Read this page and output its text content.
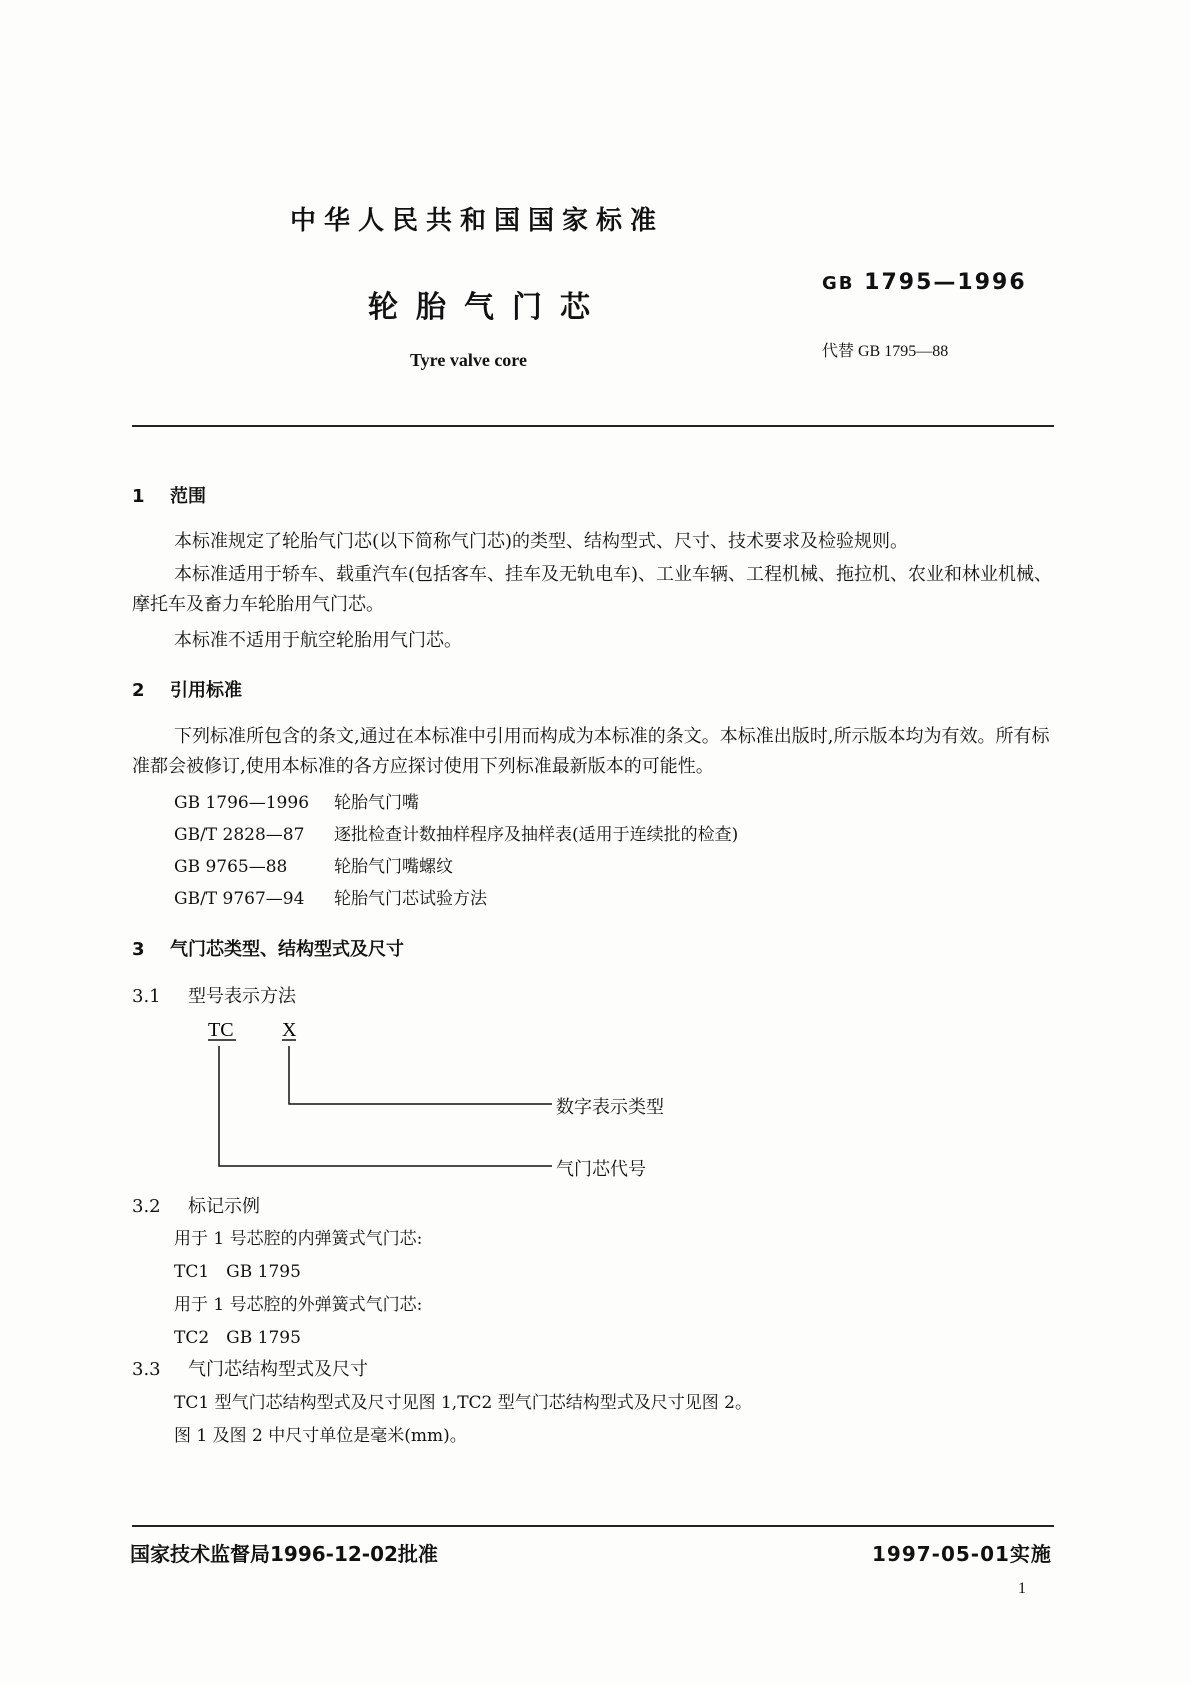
中华人民共和国国家标准
轮胎气门芯
Tyre valve core
GB 1795—1996
代替 GB 1795—88
1 范围
本标准规定了轮胎气门芯(以下简称气门芯)的类型、结构型式、尺寸、技术要求及检验规则。
本标准适用于轿车、载重汽车(包括客车、挂车及无轨电车)、工业车辆、工程机械、拖拉机、农业和林业机械、摩托车及畜力车轮胎用气门芯。
本标准不适用于航空轮胎用气门芯。
2 引用标准
下列标准所包含的条文,通过在本标准中引用而构成为本标准的条文。本标准出版时,所示版本均为有效。所有标准都会被修订,使用本标准的各方应探讨使用下列标准最新版本的可能性。
GB 1796—1996 轮胎气门嘴
GB/T 2828—87 逐批检查计数抽样程序及抽样表(适用于连续批的检查)
GB 9765—88	轮胎气门嘴螺纹
GB/T 9767—94 轮胎气门芯试验方法
3 气门芯类型、结构型式及尺寸
3.1 型号表示方法
TC X
数字表示类型
气门芯代号
3.2 标记示例
用于 1 号芯腔的内弹簧式气门芯:
TC1　GB 1795
用于 1 号芯腔的外弹簧式气门芯:
TC2　GB 1795
3.3 气门芯结构型式及尺寸
TC1 型气门芯结构型式及尺寸见图 1,TC2 型气门芯结构型式及尺寸见图 2。
图 1 及图 2 中尺寸单位是毫米(mm)。
国家技术监督局1996-12-02批准	1997-05-01实施
1
